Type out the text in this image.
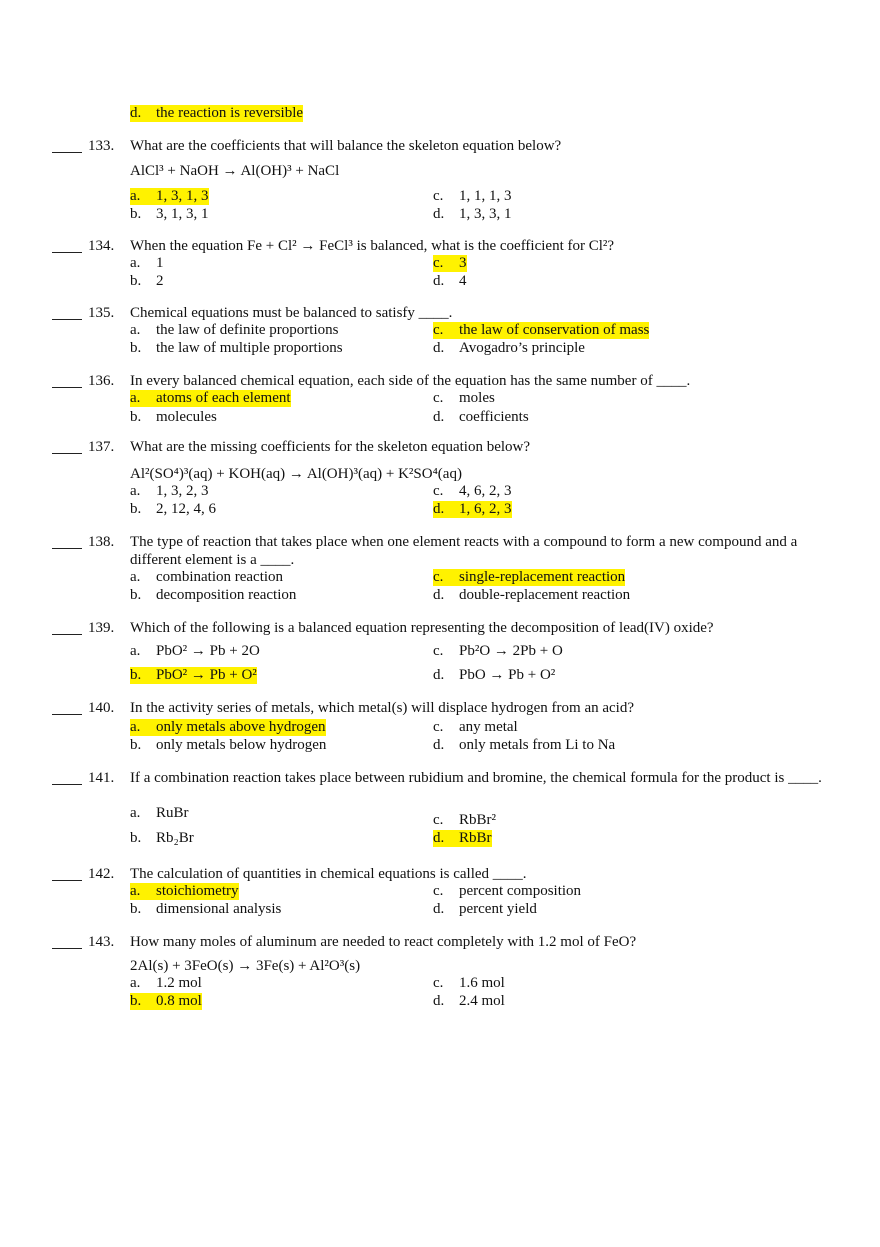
d. the reaction is reversible
133. What are the coefficients that will balance the skeleton equation below?
AlCl³ + NaOH → Al(OH)³ + NaCl
a. 1, 3, 1, 3
b. 3, 1, 3, 1
c. 1, 1, 1, 3
d. 1, 3, 3, 1
134. When the equation Fe + Cl² → FeCl³ is balanced, what is the coefficient for Cl²?
a. 1
b. 2
c. 3
d. 4
135. Chemical equations must be balanced to satisfy ____.
a. the law of definite proportions
b. the law of multiple proportions
c. the law of conservation of mass
d. Avogadro’s principle
136. In every balanced chemical equation, each side of the equation has the same number of ____.
a. atoms of each element
b. molecules
c. moles
d. coefficients
137. What are the missing coefficients for the skeleton equation below?
Al²(SO⁴)³(aq) + KOH(aq) → Al(OH)³(aq) + K²SO⁴(aq)
a. 1, 3, 2, 3
b. 2, 12, 4, 6
c. 4, 6, 2, 3
d. 1, 6, 2, 3
138. The type of reaction that takes place when one element reacts with a compound to form a new compound and a different element is a ____.
a. combination reaction
b. decomposition reaction
c. single-replacement reaction
d. double-replacement reaction
139. Which of the following is a balanced equation representing the decomposition of lead(IV) oxide?
a. PbO² → Pb + 2O
b. PbO² → Pb + O²
c. Pb²O → 2Pb + O
d. PbO → Pb + O²
140. In the activity series of metals, which metal(s) will displace hydrogen from an acid?
a. only metals above hydrogen
b. only metals below hydrogen
c. any metal
d. only metals from Li to Na
141. If a combination reaction takes place between rubidium and bromine, the chemical formula for the product is ____.
a. RuBr
b. Rb₂Br
c. RbBr²
d. RbBr
142. The calculation of quantities in chemical equations is called ____.
a. stoichiometry
b. dimensional analysis
c. percent composition
d. percent yield
143. How many moles of aluminum are needed to react completely with 1.2 mol of FeO?
2Al(s) + 3FeO(s) → 3Fe(s) + Al²O³(s)
a. 1.2 mol
b. 0.8 mol
c. 1.6 mol
d. 2.4 mol
